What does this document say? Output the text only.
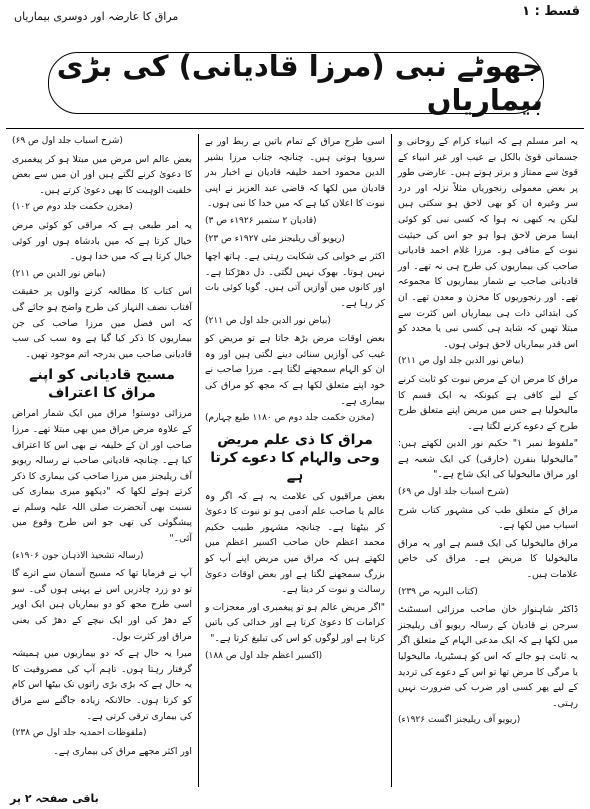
قسط : ۱
مراق کا عارضہ اور دوسری بیماریاں
جھوٹے نبی (مرزا قادیانی) کی بڑی بیماریاں

یہ امر مسلم ہے کہ انبیاء کرام کے روحانی و جسمانی قویٰ بالکل بے عیب اور غیر انبیاء کے قویٰ سے ممتاز و برتر ہوتے ہیں۔ عارضی طور پر بعض معمولی رنجوریاں مثلاً نزلہ اور درد سر وغیرہ ان کو بھی لاحق ہو سکتی ہیں لیکن یہ کبھی نہ ہوا کہ کسی نبی کو کوئی ایسا مرض لاحق ہوا ہو جو اس کی حیثیت نبوت کے منافی ہو۔ مرزا غلام احمد قادیانی صاحب کی بیماریوں کی طرح ہی نہ تھے۔ اور قادیانی صاحب بے شمار بیماریوں کا مجموعہ تھے۔ اور رنجوریوں کا مخزن و معدن تھے۔ ان کی ابتدائی ذات ہی بیماریاں اس کثرت سے مبتلا تھیں کہ شاید ہی کسی نبی یا مجدد کو اس قدر بیماریاں لاحق ہوئی ہوں۔

(بیاض نور الدین جلد اول ص ۲۱۱)

مراق کا مرض ان کے مرض نبوت کو ثابت کرنے کے لیے کافی ہے کیونکہ یہ ایک قسم کا مالیخولیا ہے جس میں مریض اپنے متعلق طرح طرح کے دعوے کرنے لگتا ہے۔

"ملفوظ نمبر ۱" حکیم نور الدین لکھتے ہیں: "مالیخولیا بنفرن (خارقی) کی ایک شعبہ ہے اور مراق مالیخولیا کی ایک شاخ ہے۔"

(شرح اسباب جلد اول ص ۶۹)

مراق کے متعلق طب کی مشہور کتاب شرح اسباب میں لکھا ہے۔

مراق مالیخولیا کی ایک قسم ہے اور یہ مراق مالیخولیا کا مریض ہے۔ مراق کی خاص علامات ہیں۔

(کتاب البریہ ص ۲۳۹)

ڈاکٹر شاہنواز خان صاحب مرزائی اسسٹنٹ سرجن نے قادیان کے رسالہ ریویو آف ریلیجنز میں لکھا ہے کہ ایک مدعی الہام کے متعلق اگر یہ ثابت ہو جائے کہ اس کو ہسٹیریا، مالیخولیا یا مرگی کا مرض تھا تو اس کے دعوے کی تردید کے لیے پھر کسی اور ضرب کی ضرورت نہیں رہتی۔

(ریویو آف ریلیجنز اگست ۱۹۲۶ء)

اسی طرح مراق کے تمام باتیں بے ربط اور بے سروپا ہوتی ہیں۔ چنانچہ جناب مرزا بشیر الدین محمود احمد خلیفہ قادیان نے اخبار بدر قادیان میں لکھا کہ قاضی عبد العزیز نے اپنی نبوت کا اعلان کیا ہے کہ میں خدا کا نبی ہوں۔

(قادیان ۲ ستمبر ۱۹۲۶ء ص ۳)

(ریویو آف ریلیجنز مئی ۱۹۲۷ء ص ۲۳)

اکثر بے خوابی کی شکایت رہتی ہے۔ ہاتھ اچھا نہیں ہوتا۔ بھوک نہیں لگتی۔ دل دھڑکتا ہے۔ اور کانوں میں آوازیں آتی ہیں۔ گویا کوئی بات کر رہا ہے۔

(بیاض نور الدین جلد اول ص ۲۱۱)

بعض اوقات مرض بڑھ جاتا ہے تو مریض کو غیب کی آوازیں سنائی دینے لگتی ہیں اور وہ ان کو الہام سمجھنے لگتا ہے۔ مرزا صاحب نے خود اپنے متعلق لکھا ہے کہ مجھ کو مراق کی بیماری ہے۔

(مخزن حکمت جلد دوم ص ۱۱۸۰ طبع چہارم)

مراق کا ذی علم مریض وحی والہام کا دعوے کرتا ہے

بعض مراقیوں کی علامت یہ ہے کہ اگر وہ عالم یا صاحب علم آدمی ہو تو نبوت کا دعویٰ کر بیٹھتا ہے۔ چنانچہ مشہور طبیب حکیم محمد اعظم خان صاحب اکسیر اعظم میں لکھتے ہیں کہ مراق میں مریض اپنے آپ کو بزرگ سمجھنے لگتا ہے اور بعض اوقات دعویٰ رسالت و نبوت کر دیتا ہے۔

"اگر مریض عالم ہو تو پیغمبری اور معجزات و کرامات کا دعویٰ کرتا ہے اور خدائی کی باتیں کرتا ہے اور لوگوں کو اس کی تبلیغ کرتا ہے۔"

(اکسیر اعظم جلد اول ص ۱۸۸)

(شرح اسباب جلد اول ص ۶۹)

بعض عالم اس مرض میں مبتلا ہو کر پیغمبری کا دعویٰ کرنے لگتے ہیں اور ان میں سے بعض خلفیت الوہیت کا بھی دعویٰ کرتے ہیں۔

(مخزن حکمت جلد دوم ص ۱۰۲)

یہ امر طبعی ہے کہ مراقی کو کوئی مرض خیال کرتا ہے کہ میں بادشاہ ہوں اور کوئی خیال کرتا ہے کہ میں خدا ہوں۔

(بیاض نور الدین ص ۲۱۱)

اس کتاب کا مطالعہ کرنے والوں پر حقیقت آفتاب نصف النہار کی طرح واضح ہو جائے گی کہ اس فصل میں مرزا صاحب کی جن بیماریوں کا ذکر کیا گیا ہے وہ سب کی سب قادیانی صاحب میں بدرجہ اتم موجود تھیں۔

مسیح قادیانی کو اپنے مراق کا اعتراف

مرزائی دوستو! مراق میں ایک شمار امراض کے علاوہ مرض مراق میں بھی مبتلا تھے۔ مرزا صاحب اور ان کے خلیفہ نے بھی اس کا اعتراف کیا ہے۔ چنانچہ قادیانی صاحب نے رسالہ ریویو آف ریلیجنز میں مرزا صاحب کی بیماری کا ذکر کرتے ہوئے لکھا کہ "دیکھو میری بیماری کی نسبت بھی آنحضرت صلی اللہ علیہ وسلم نے پیشگوئی کی تھی جو اس طرح وقوع میں آئی۔"

(رسالہ تشحیذ الاذہان جون ۱۹۰۶ء)

آپ نے فرمایا تھا کہ مسیح آسمان سے اترے گا تو دو زرد چادریں اس نے پہنی ہوں گی۔ سو اسی طرح مجھ کو دو بیماریاں ہیں ایک اوپر کے دھڑ کی اور ایک نیچے کے دھڑ کی یعنی مراق اور کثرت بول۔

میرا یہ حال ہے کہ دو بیماریوں میں ہمیشہ گرفتار رہتا ہوں۔ تاہم آپ کی مصروفیت کا یہ حال ہے کہ بڑی بڑی راتوں تک بیٹھا اس کام کو کرتا ہوں۔ حالانکہ زیادہ جاگنے سے مراق کی بیماری ترقی کرتی ہے۔

(ملفوظات احمدیہ جلد اول ص ۲۳۸)

اور اکثر مجھے مراق کی بیماری ہے۔

باقی صفحہ ۲ پر
